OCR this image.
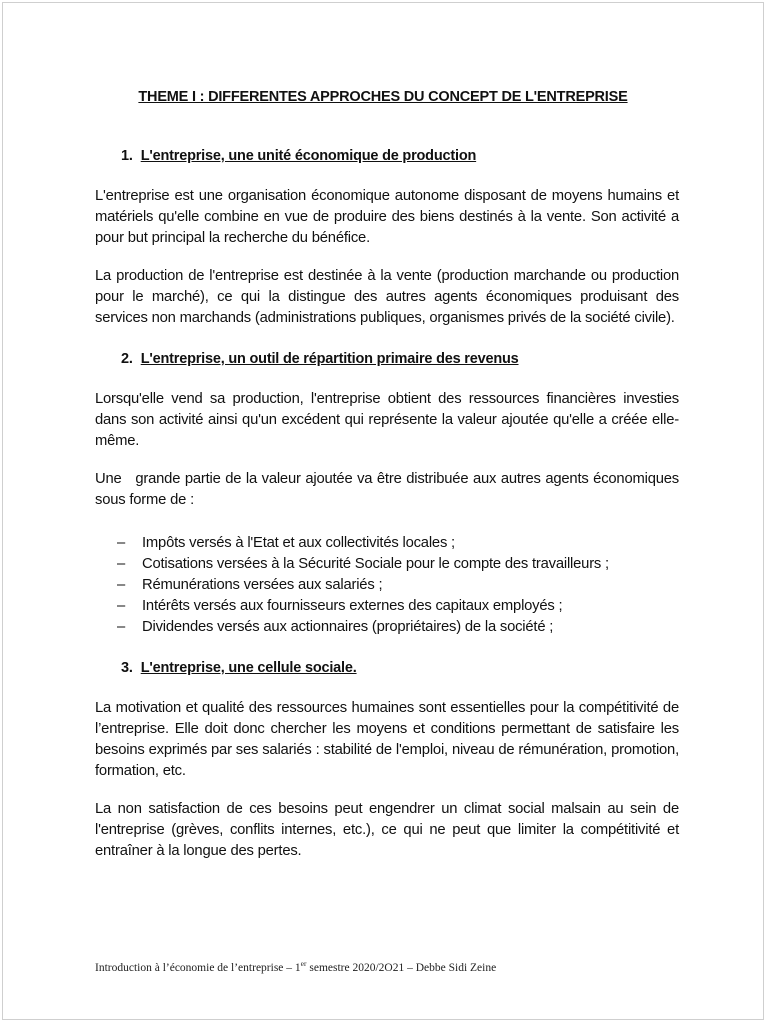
THEME I : DIFFERENTES APPROCHES DU CONCEPT DE L'ENTREPRISE
1. L'entreprise, une unité économique de production

L'entreprise est une organisation économique autonome disposant de moyens humains et matériels qu'elle combine en vue de produire des biens destinés à la vente. Son activité a pour but principal la recherche du bénéfice.

La production de l'entreprise est destinée à la vente (production marchande ou production pour le marché), ce qui la distingue des autres agents économiques produisant des services non marchands (administrations publiques, organismes privés de la société civile).

2. L'entreprise, un outil de répartition primaire des revenus

Lorsqu'elle vend sa production, l'entreprise obtient des ressources financières investies dans son activité ainsi qu'un excédent qui représente la valeur ajoutée qu'elle a créée elle-même.

Une   grande partie de la valeur ajoutée va être distribuée aux autres agents économiques sous forme de :

–	Impôts versés à l'Etat et aux collectivités locales ;
–	Cotisations versées à la Sécurité Sociale pour le compte des travailleurs ;
–	Rémunérations versées aux salariés ;
–	Intérêts versés aux fournisseurs externes des capitaux employés ;
–	Dividendes versés aux actionnaires (propriétaires) de la société ;
3. L'entreprise, une cellule sociale.

La motivation et qualité des ressources humaines sont essentielles pour la compétitivité de l’entreprise. Elle doit donc chercher les moyens et conditions permettant de satisfaire les besoins exprimés par ses salariés : stabilité de l'emploi, niveau de rémunération, promotion, formation, etc.

La non satisfaction de ces besoins peut engendrer un climat social malsain au sein de l'entreprise (grèves, conflits internes, etc.), ce qui ne peut que limiter la compétitivité et entraîner à la longue des pertes.

Introduction à l’économie de l’entreprise – 1er semestre 2020/2O21 – Debbe Sidi Zeine
